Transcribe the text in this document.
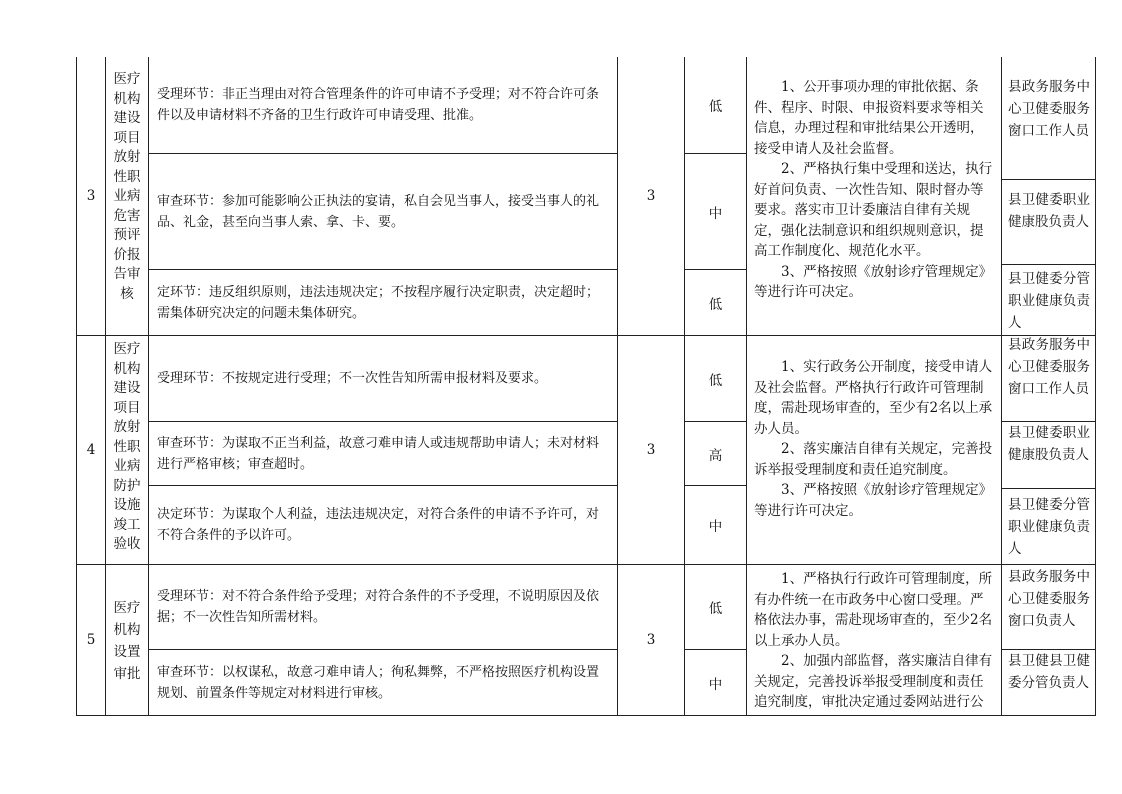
3
医疗机构建设项目放射性职业病危害预评价报告审核
受理环节：非正当理由对符合管理条件的许可申请不予受理；对不符合许可条件以及申请材料不齐备的卫生行政许可申请受理、批准。
审查环节：参加可能影响公正执法的宴请，私自会见当事人，接受当事人的礼品、礼金，甚至向当事人索、拿、卡、要。
定环节：违反组织原则，违法违规决定；不按程序履行决定职责，决定超时；需集体研究决定的问题未集体研究。
3
低
中
低

1、公开事项办理的审批依据、条件、程序、时限、申报资料要求等相关信息，办理过程和审批结果公开透明，接受申请人及社会监督。

2、严格执行集中受理和送达，执行好首问负责、一次性告知、限时督办等要求。落实市卫计委廉洁自律有关规定，强化法制意识和组织规则意识，提高工作制度化、规范化水平。

3、严格按照《放射诊疗管理规定》等进行许可决定。

县政务服务中心卫健委服务窗口工作人员
县卫健委职业健康股负责人
县卫健委分管职业健康负责人
4
医疗机构建设项目放射性职业病防护设施竣工验收
受理环节：不按规定进行受理；不一次性告知所需申报材料及要求。
审查环节：为谋取不正当利益，故意刁难申请人或违规帮助申请人；未对材料进行严格审核；审查超时。
决定环节：为谋取个人利益，违法违规决定，对符合条件的申请不予许可，对不符合条件的予以许可。
3
低
高
中

1、实行政务公开制度，接受申请人及社会监督。严格执行行政许可管理制度，需赴现场审查的，至少有2名以上承办人员。

2、落实廉洁自律有关规定，完善投诉举报受理制度和责任追究制度。

3、严格按照《放射诊疗管理规定》等进行许可决定。

县政务服务中心卫健委服务窗口工作人员
县卫健委职业健康股负责人
县卫健委分管职业健康负责人
5
医疗机构设置审批
受理环节：对不符合条件给予受理；对符合条件的不予受理，不说明原因及依据；不一次性告知所需材料。
审查环节：以权谋私，故意刁难申请人；徇私舞弊，不严格按照医疗机构设置规划、前置条件等规定对材料进行审核。
3
低
中

1、严格执行行政许可管理制度，所有办件统一在市政务中心窗口受理。严格依法办事，需赴现场审查的，至少2名以上承办人员。

2、加强内部监督，落实廉洁自律有关规定，完善投诉举报受理制度和责任追究制度，审批决定通过委网站进行公

县政务服务中心卫健委服务窗口负责人
县卫健县卫健委分管负责人
